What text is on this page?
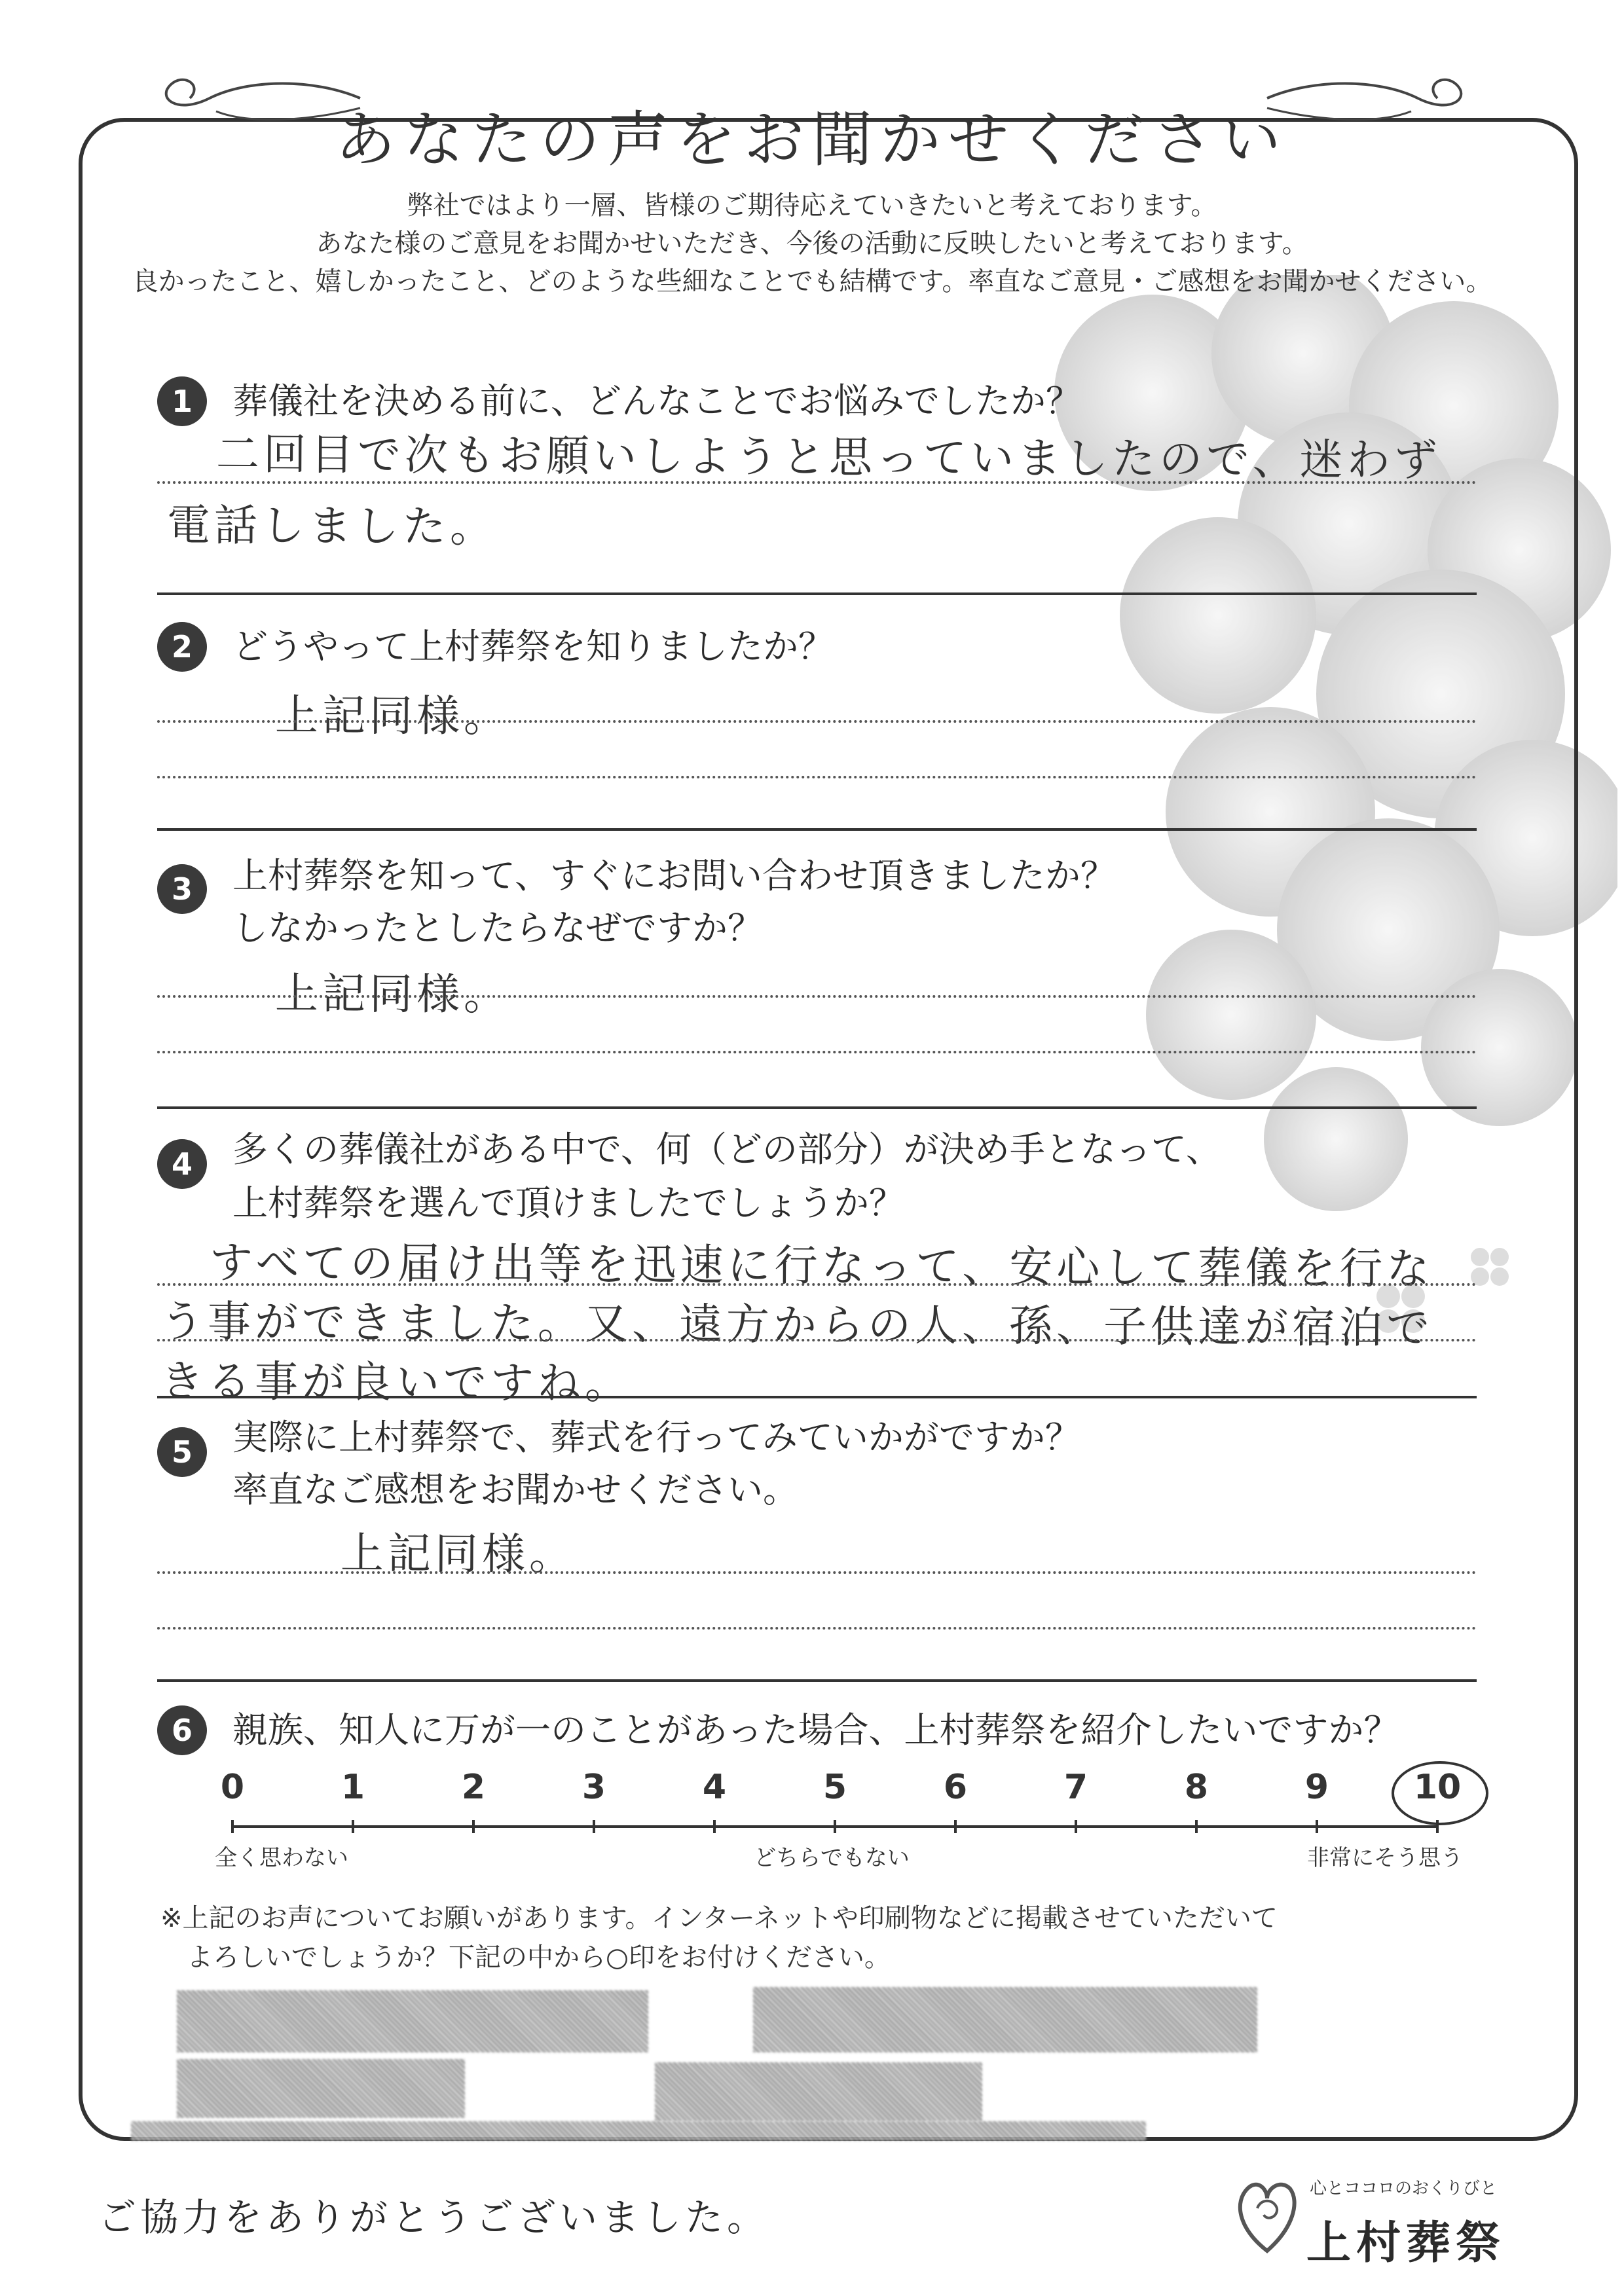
あなたの声をお聞かせください
弊社ではより一層、皆様のご期待応えていきたいと考えております。
あなた様のご意見をお聞かせいただき、今後の活動に反映したいと考えております。
良かったこと、嬉しかったこと、どのような些細なことでも結構です。率直なご意見・ご感想をお聞かせください。
1	葬儀社を決める前に、どんなことでお悩みでしたか？
二回目で次もお願いしようと思っていましたので、迷わず
電話しました。
2	どうやって上村葬祭を知りましたか？
上記同様。
3	上村葬祭を知って、すぐにお問い合わせ頂きましたか？
しなかったとしたらなぜですか？
上記同様。
4	多くの葬儀社がある中で、何（どの部分）が決め手となって、
上村葬祭を選んで頂けましたでしょうか？
すべての届け出等を迅速に行なって、安心して葬儀を行な
う事ができました。又、遠方からの人、孫、子供達が宿泊で
きる事が良いですね。
5	実際に上村葬祭で、葬式を行ってみていかがですか？
率直なご感想をお聞かせください。
上記同様。
6	親族、知人に万が一のことがあった場合、上村葬祭を紹介したいですか？
0	1	2	3	4	5	6	7	8	9 10
全く思わない	どちらでもない	非常にそう思う
※上記のお声についてお願いがあります。インターネットや印刷物などに掲載させていただいて
よろしいでしょうか？下記の中から○印をお付けください。
ご協力をありがとうございました。
心とココロのおくりびと
上村葬祭
